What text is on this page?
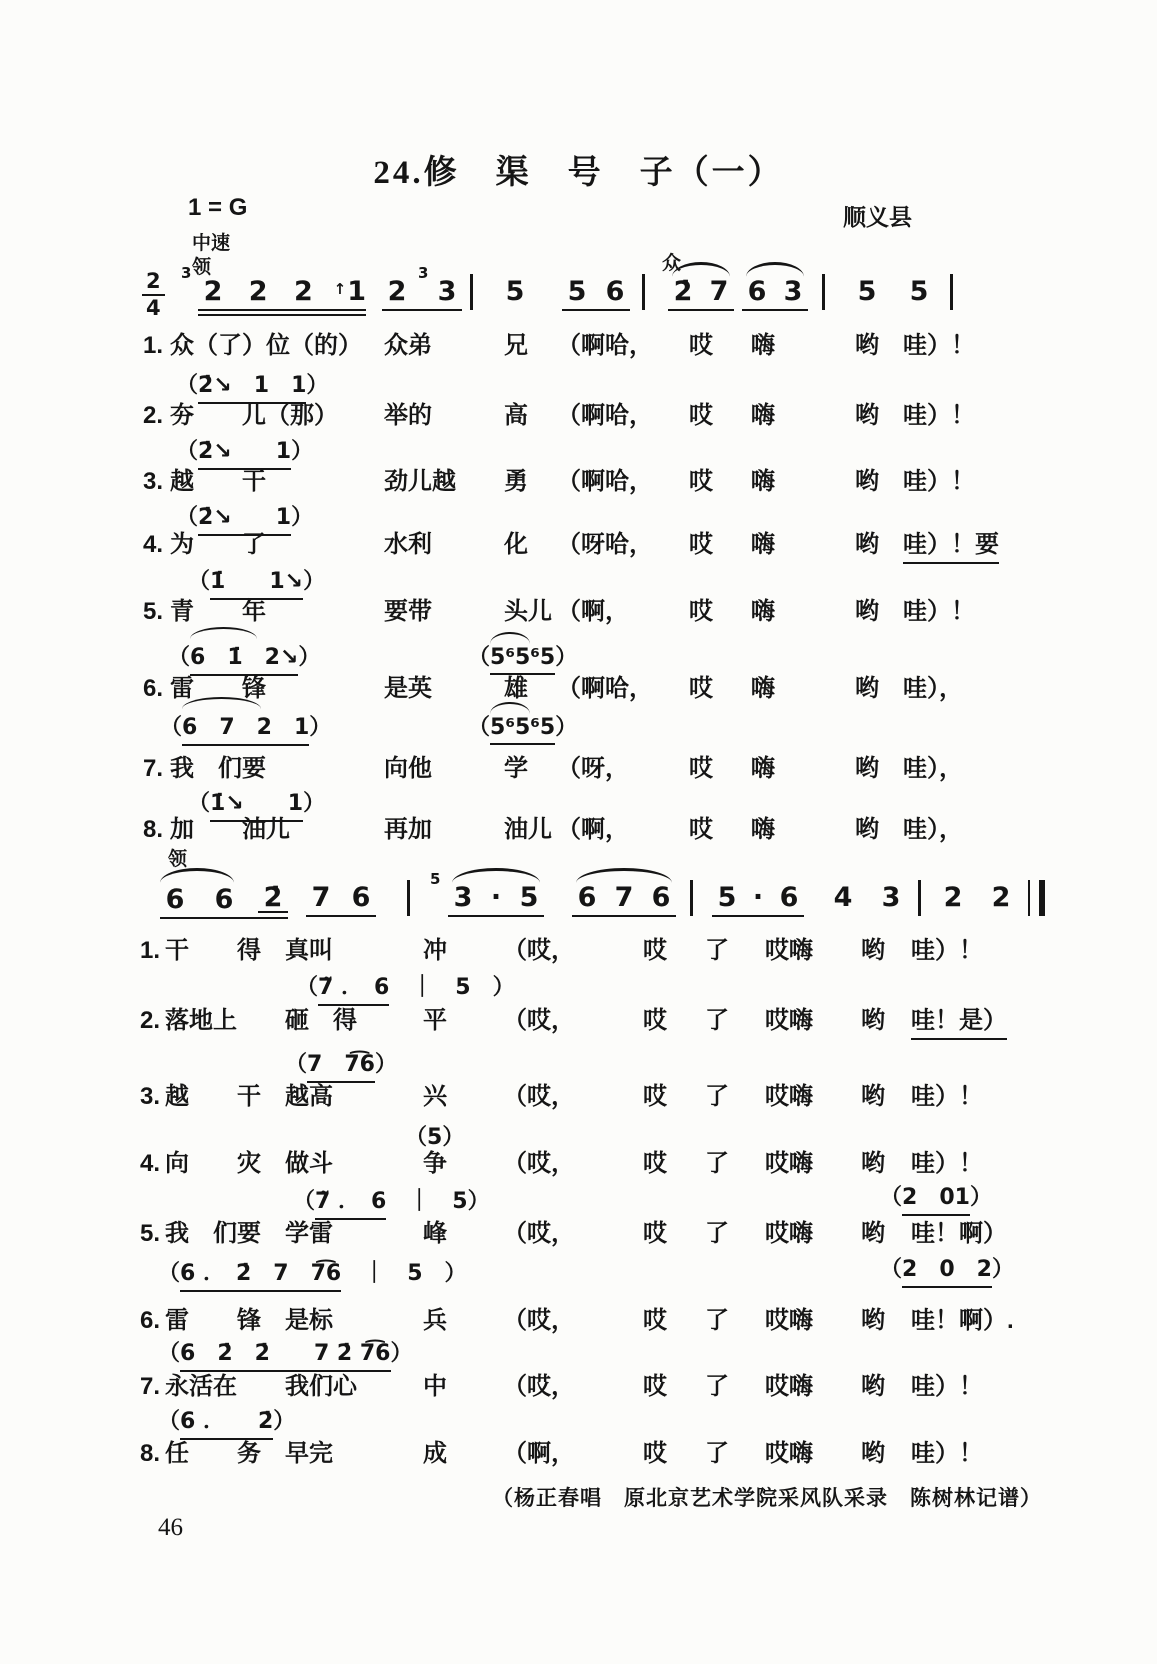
24.修　渠　号　子（一）
1 = G	顺义县
中速
领	众
2
4
3
2 2 2	↑1
3
2 3 5 5 6 2̇ 7 6 3 5 5
1. 众（了）位（的） 众弟	兄	（啊哈，	哎	嗨	哟	哇）！
（2̇↘　1　1）
2. 夯　　儿（那）	举的	高	（啊哈，	哎	嗨	哟	哇）！
（2̇↘　　1）
3. 越　　干	劲儿越	勇	（啊哈，	哎	嗨	哟	哇）！
（2̇↘　　1）
4. 为　　了	水利	化	（呀哈，	哎	嗨	哟	哇）！要
（1̇　　1↘）
5. 青　　年	要带	头儿 （啊，	哎	嗨	哟	哇）！
（6　1̇　2↘）	（5⁶5⁶5）
6. 雷　　锋	是英	雄	（啊哈，	哎	嗨	哟	哇），
（6　7　2　1）	（5⁶5⁶5）
7. 我　们要	向他	学	（呀，	哎	嗨	哟	哇），
（1̇↘　　1）
8. 加　　油儿	再加	油儿 （啊，	哎	嗨	哟	哇），
领
6 6 2̇ 7 6
5
3 · 5 6 7 6 5 · 6 4 3 2 2
1. 干　　得　真叫	冲	（哎，	哎	了	哎嗨	哟	哇）！
（7̃ ．　6　｜　5　）
2. 落地上　　砸　得	平	（哎，	哎	了	哎嗨	哟	哇！是）
（7　7͡6）
3. 越　　干　越高	兴	（哎，	哎	了	哎嗨	哟	哇）！
（5）
4. 向　　灾　做斗	争	（哎，	哎	了	哎嗨	哟	哇）！
（7̃ ．　6　｜　5）	（2　01）
5. 我　们要　学雷	峰	（哎，	哎	了	哎嗨	哟	哇！啊）
（6 ．　2̇　7　7͡6　｜　5　）	（2　0　2）
6. 雷　　锋　是标	兵	（哎，	哎	了	哎嗨	哟	哇！啊）.
（6　2̇　2̇　　7 2̇ 7͡6）
7. 永活在　　我们心	中	（哎，	哎	了	哎嗨	哟	哇）！
（6 ．　　2̇）
8. 任　　务　早完	成	（啊，	哎	了	哎嗨	哟	哇）！
（杨正春唱　原北京艺术学院采风队采录　陈树林记谱）
46
